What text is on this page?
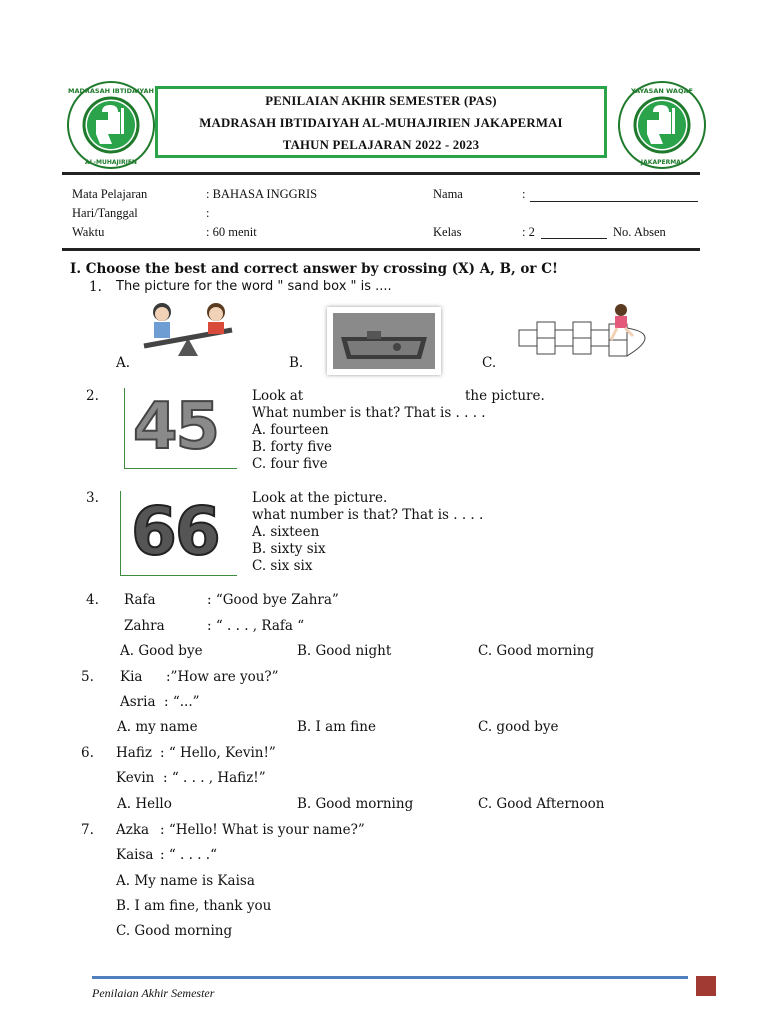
MADRASAH IBTIDAIYAH
AL-MUHAJIRIEN
PENILAIAN AKHIR SEMESTER (PAS)
MADRASAH IBTIDAIYAH AL-MUHAJIRIEN JAKAPERMAI
TAHUN PELAJARAN 2022 - 2023
YAYASAN WAQAF
JAKAPERMAI
Mata Pelajaran	: BAHASA INGGRIS
Hari/Tanggal	:
Waktu	: 60 menit
Nama	:
Kelas	: 2	No. Absen
I. Choose the best and correct answer by crossing (X) A, B, or C!
1. The picture for the word " sand box " is ....
A.	B.	C.
2. 45	Look at	the picture.
What number is that? That is . . . .
A. fourteen
B. forty five
C. four five
3. 66 Look at the picture.
what number is that? That is . . . .
A. sixteen
B. sixty six
C. six six
4. Rafa	: “Good bye Zahra”
Zahra	: “ . . . , Rafa “
A. Good bye	B. Good night	C. Good morning
5. Kia :”How are you?”
Asria : “...”
A. my name	B. I am fine	C. good bye
6. Hafiz : “ Hello, Kevin!”
Kevin : “ . . . , Hafiz!”
A. Hello	B. Good morning	C. Good Afternoon
7. Azka : “Hello! What is your name?”
Kaisa : “ . . . .“
A. My name is Kaisa
B. I am fine, thank you
C. Good morning
Penilaian Akhir Semester
